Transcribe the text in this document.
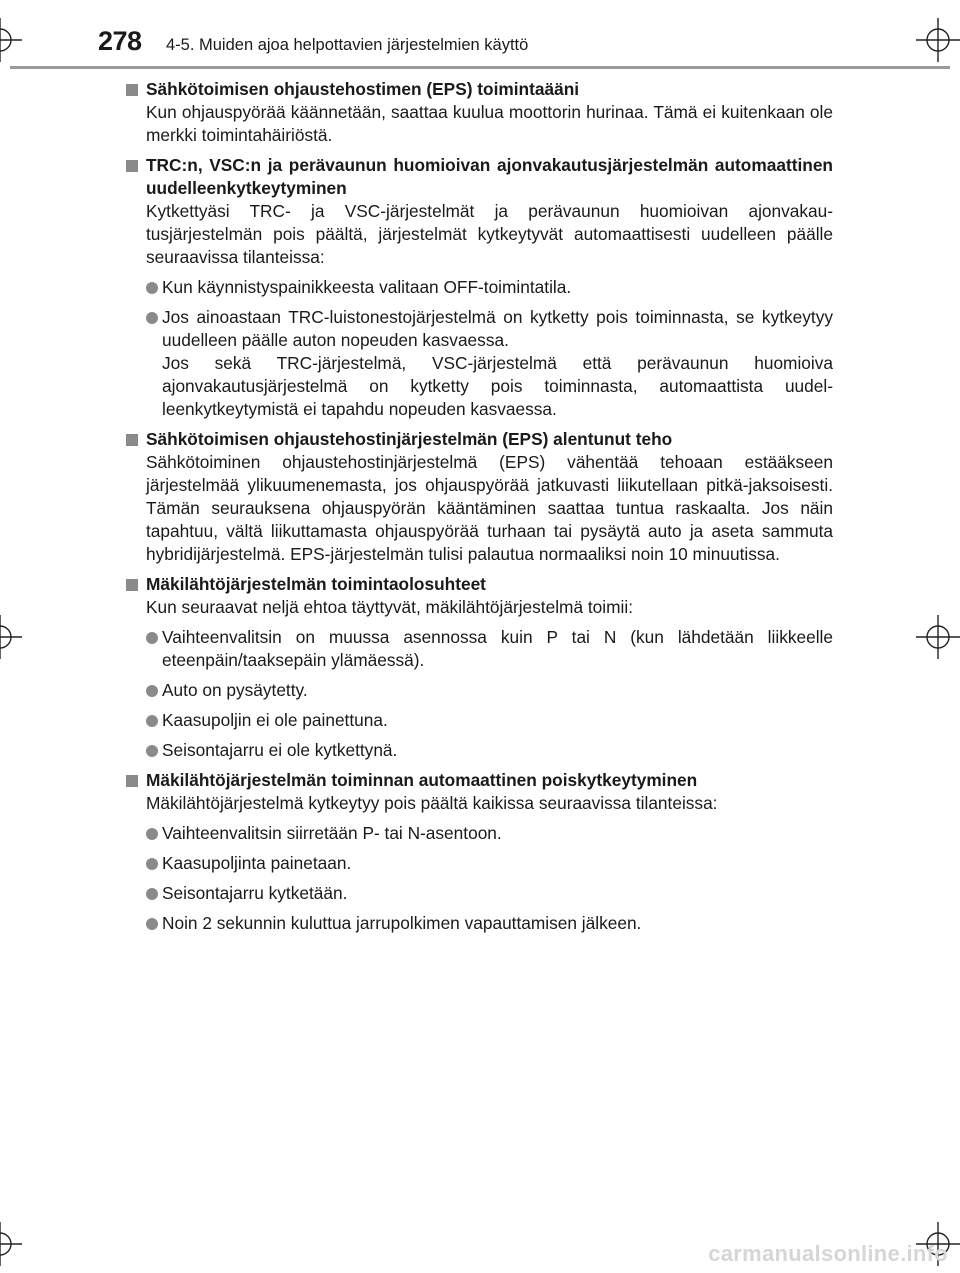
278 4-5. Muiden ajoa helpottavien järjestelmien käyttö
Sähkötoimisen ohjaustehostimen (EPS) toimintaääni
Kun ohjauspyörää käännetään, saattaa kuulua moottorin hurinaa. Tämä ei kuitenkaan ole merkki toimintahäiriöstä.
TRC:n, VSC:n ja perävaunun huomioivan ajonvakautusjärjestelmän automaattinen uudelleenkytkeytyminen
Kytkettyäsi TRC- ja VSC-järjestelmät ja perävaunun huomioivan ajonvakau-tusjärjestelmän pois päältä, järjestelmät kytkeytyvät automaattisesti uudelleen päälle seuraavissa tilanteissa:
Kun käynnistyspainikkeesta valitaan OFF-toimintatila.
Jos ainoastaan TRC-luistonestojärjestelmä on kytketty pois toiminnasta, se kytkeytyy uudelleen päälle auton nopeuden kasvaessa.
Jos sekä TRC-järjestelmä, VSC-järjestelmä että perävaunun huomioiva ajonvakautusjärjestelmä on kytketty pois toiminnasta, automaattista uudel-leenkytkeytymistä ei tapahdu nopeuden kasvaessa.
Sähkötoimisen ohjaustehostinjärjestelmän (EPS) alentunut teho
Sähkötoiminen ohjaustehostinjärjestelmä (EPS) vähentää tehoaan estääkseen järjestelmää ylikuumenemasta, jos ohjauspyörää jatkuvasti liikutellaan pitkä-jaksoisesti. Tämän seurauksena ohjauspyörän kääntäminen saattaa tuntua raskaalta. Jos näin tapahtuu, vältä liikuttamasta ohjauspyörää turhaan tai pysäytä auto ja aseta sammuta hybridijärjestelmä. EPS-järjestelmän tulisi palautua normaaliksi noin 10 minuutissa.
Mäkilähtöjärjestelmän toimintaolosuhteet
Kun seuraavat neljä ehtoa täyttyvät, mäkilähtöjärjestelmä toimii:
Vaihteenvalitsin on muussa asennossa kuin P tai N (kun lähdetään liikkeelle eteenpäin/taaksepäin ylämäessä).
Auto on pysäytetty.
Kaasupoljin ei ole painettuna.
Seisontajarru ei ole kytkettynä.
Mäkilähtöjärjestelmän toiminnan automaattinen poiskytkeytyminen
Mäkilähtöjärjestelmä kytkeytyy pois päältä kaikissa seuraavissa tilanteissa:
Vaihteenvalitsin siirretään P- tai N-asentoon.
Kaasupoljinta painetaan.
Seisontajarru kytketään.
Noin 2 sekunnin kuluttua jarrupolkimen vapauttamisen jälkeen.
carmanualsonline.info
